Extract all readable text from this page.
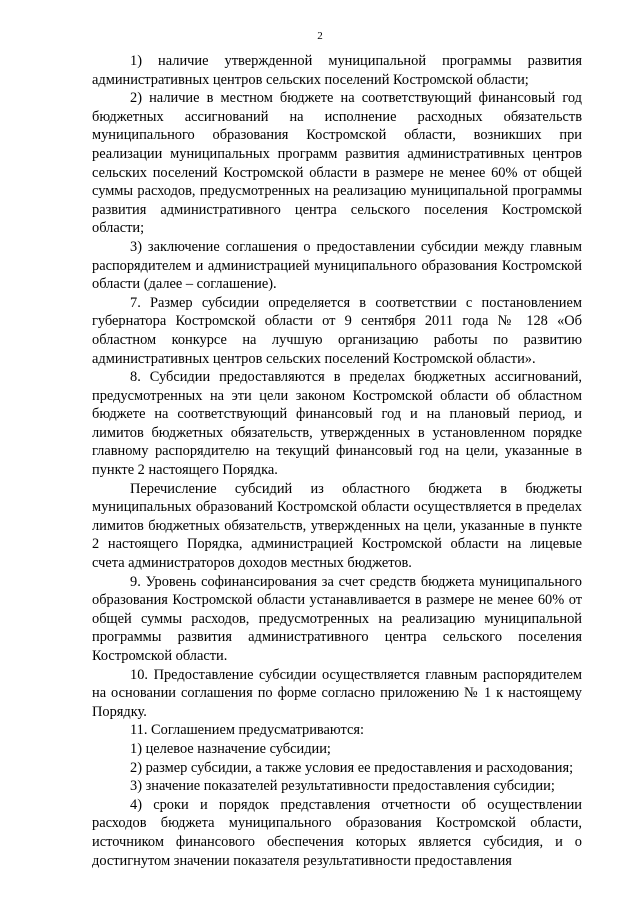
2

1) наличие утвержденной муниципальной программы развития административных центров сельских поселений Костромской области;

2) наличие в местном бюджете на соответствующий финансовый год бюджетных ассигнований на исполнение расходных обязательств муниципального образования Костромской области, возникших при реализации муниципальных программ развития административных центров сельских поселений Костромской области в размере не менее 60% от общей суммы расходов, предусмотренных на реализацию муниципальной программы развития административного центра сельского поселения Костромской области;

3) заключение соглашения о предоставлении субсидии между главным распорядителем и администрацией муниципального образования Костромской области (далее – соглашение).

7. Размер субсидии определяется в соответствии с постановлением губернатора Костромской области от 9 сентября 2011 года № 128 «Об областном конкурсе на лучшую организацию работы по развитию административных центров сельских поселений Костромской области».

8. Субсидии предоставляются в пределах бюджетных ассигнований, предусмотренных на эти цели законом Костромской области об областном бюджете на соответствующий финансовый год и на плановый период, и лимитов бюджетных обязательств, утвержденных в установленном порядке главному распорядителю на текущий финансовый год на цели, указанные в пункте 2 настоящего Порядка.

Перечисление субсидий из областного бюджета в бюджеты муниципальных образований Костромской области осуществляется в пределах лимитов бюджетных обязательств, утвержденных на цели, указанные в пункте 2 настоящего Порядка, администрацией Костромской области на лицевые счета администраторов доходов местных бюджетов.

9. Уровень софинансирования за счет средств бюджета муниципального образования Костромской области устанавливается в размере не менее 60% от общей суммы расходов, предусмотренных на реализацию муниципальной программы развития административного центра сельского поселения Костромской области.

10. Предоставление субсидии осуществляется главным распорядителем на основании соглашения по форме согласно приложению № 1 к настоящему Порядку.

11. Соглашением предусматриваются:

1) целевое назначение субсидии;

2) размер субсидии, а также условия ее предоставления и расходования;

3) значение показателей результативности предоставления субсидии;

4) сроки и порядок представления отчетности об осуществлении расходов бюджета муниципального образования Костромской области, источником финансового обеспечения которых является субсидия, и о достигнутом значении показателя результативности предоставления
